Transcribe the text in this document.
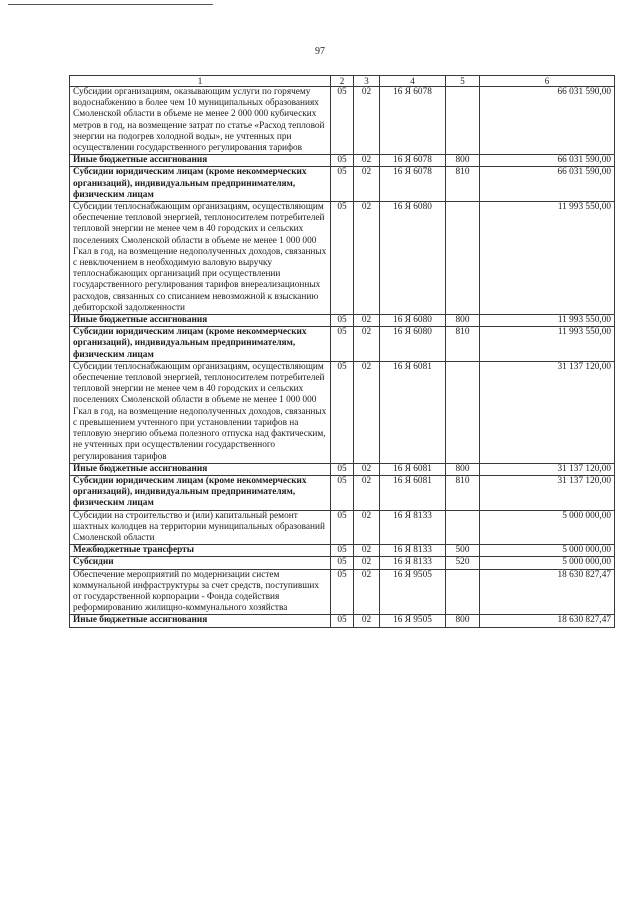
97
1	2	3	4	5	6
Субсидии организациям, оказывающим услуги по горячему водоснабжению в более чем 10 муниципальных образованиях Смоленской области в объеме не менее 2 000 000 кубических метров в год, на возмещение затрат по статье «Расход тепловой энергии на подогрев холодной воды», не учтенных при осуществлении государственного регулирования тарифов	05	02	16 Я 6078		66 031 590,00
Иные бюджетные ассигнования	05	02	16 Я 6078	800	66 031 590,00
Субсидии юридическим лицам (кроме некоммерческих организаций), индивидуальным предпринимателям, физическим лицам	05	02	16 Я 6078	810	66 031 590,00
Субсидии теплоснабжающим организациям, осуществляющим обеспечение тепловой энергией, теплоносителем потребителей тепловой энергии не менее чем в 40 городских и сельских поселениях Смоленской области в объеме не менее 1 000 000 Гкал в год, на возмещение недополученных доходов, связанных с невключением в необходимую валовую выручку теплоснабжающих организаций при осуществлении государственного регулирования тарифов внереализационных расходов, связанных со списанием невозможной к взысканию дебиторской задолженности	05	02	16 Я 6080		11 993 550,00
Иные бюджетные ассигнования	05	02	16 Я 6080	800	11 993 550,00
Субсидии юридическим лицам (кроме некоммерческих организаций), индивидуальным предпринимателям, физическим лицам	05	02	16 Я 6080	810	11 993 550,00
Субсидии теплоснабжающим организациям, осуществляющим обеспечение тепловой энергией, теплоносителем потребителей тепловой энергии не менее чем в 40 городских и сельских поселениях Смоленской области в объеме не менее 1 000 000 Гкал в год, на возмещение недополученных доходов, связанных с превышением учтенного при установлении тарифов на тепловую энергию объема полезного отпуска над фактическим, не учтенных при осуществлении государственного регулирования тарифов	05	02	16 Я 6081		31 137 120,00
Иные бюджетные ассигнования	05	02	16 Я 6081	800	31 137 120,00
Субсидии юридическим лицам (кроме некоммерческих организаций), индивидуальным предпринимателям, физическим лицам	05	02	16 Я 6081	810	31 137 120,00
Субсидии на строительство и (или) капитальный ремонт шахтных колодцев на территории муниципальных образований Смоленской области	05	02	16 Я 8133		5 000 000,00
Межбюджетные трансферты	05	02	16 Я 8133	500	5 000 000,00
Субсидии	05	02	16 Я 8133	520	5 000 000,00
Обеспечение мероприятий по модернизации систем коммунальной инфраструктуры за счет средств, поступивших от государственной корпорации - Фонда содействия реформированию жилищно-коммунального хозяйства	05	02	16 Я 9505		18 630 827,47
Иные бюджетные ассигнования	05	02	16 Я 9505	800	18 630 827,47
